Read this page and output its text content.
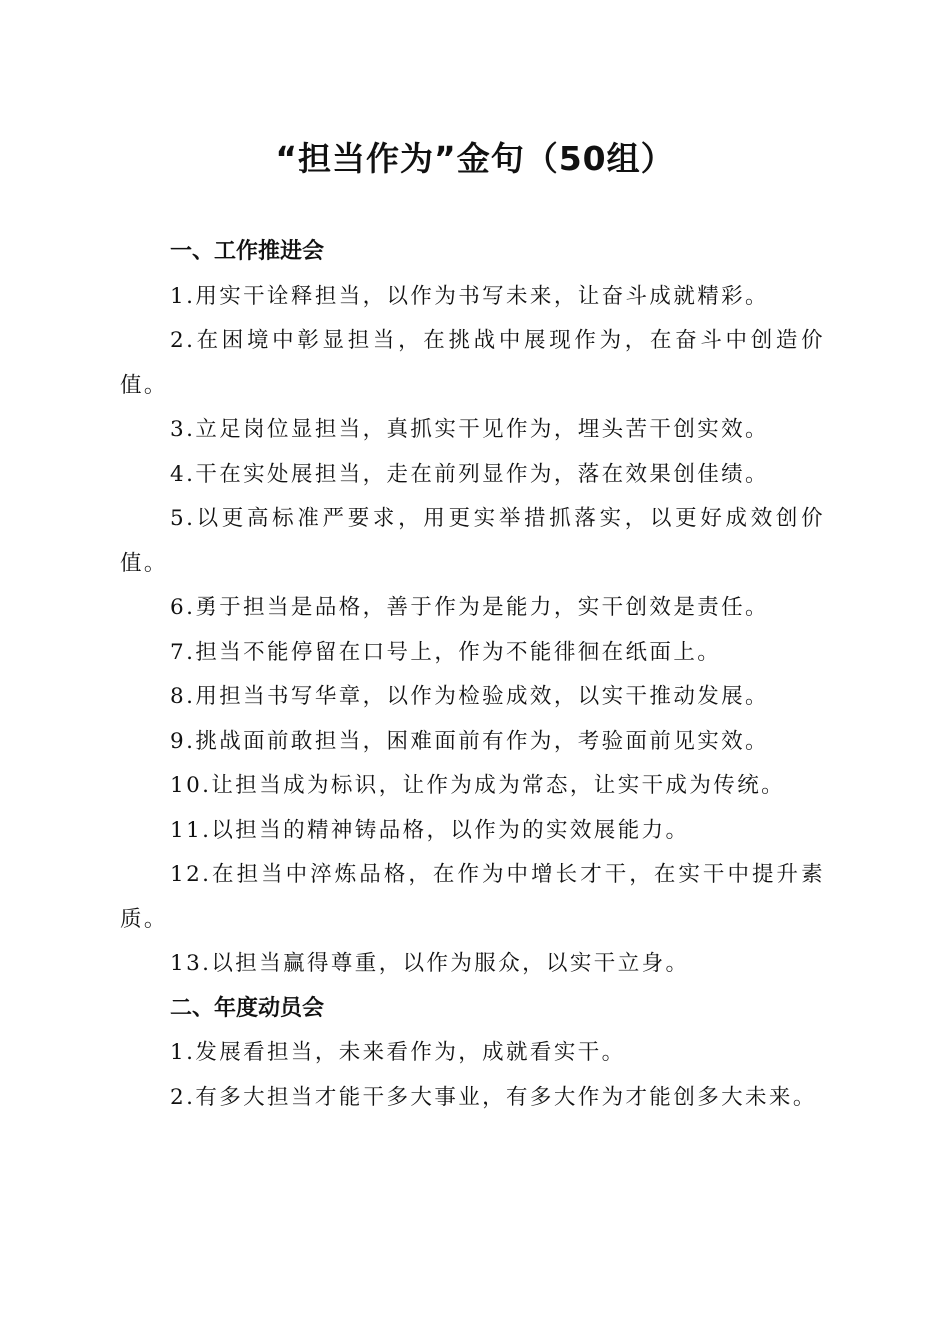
“担当作为”金句（50组）
一、工作推进会

1.用实干诠释担当，以作为书写未来，让奋斗成就精彩。

2.在困境中彰显担当，在挑战中展现作为，在奋斗中创造价值。

3.立足岗位显担当，真抓实干见作为，埋头苦干创实效。

4.干在实处展担当，走在前列显作为，落在效果创佳绩。

5.以更高标准严要求，用更实举措抓落实，以更好成效创价值。

6.勇于担当是品格，善于作为是能力，实干创效是责任。

7.担当不能停留在口号上，作为不能徘徊在纸面上。

8.用担当书写华章，以作为检验成效，以实干推动发展。

9.挑战面前敢担当，困难面前有作为，考验面前见实效。

10.让担当成为标识，让作为成为常态，让实干成为传统。

11.以担当的精神铸品格，以作为的实效展能力。

12.在担当中淬炼品格，在作为中增长才干，在实干中提升素质。

13.以担当赢得尊重，以作为服众，以实干立身。

二、年度动员会

1.发展看担当，未来看作为，成就看实干。

2.有多大担当才能干多大事业，有多大作为才能创多大未来。
